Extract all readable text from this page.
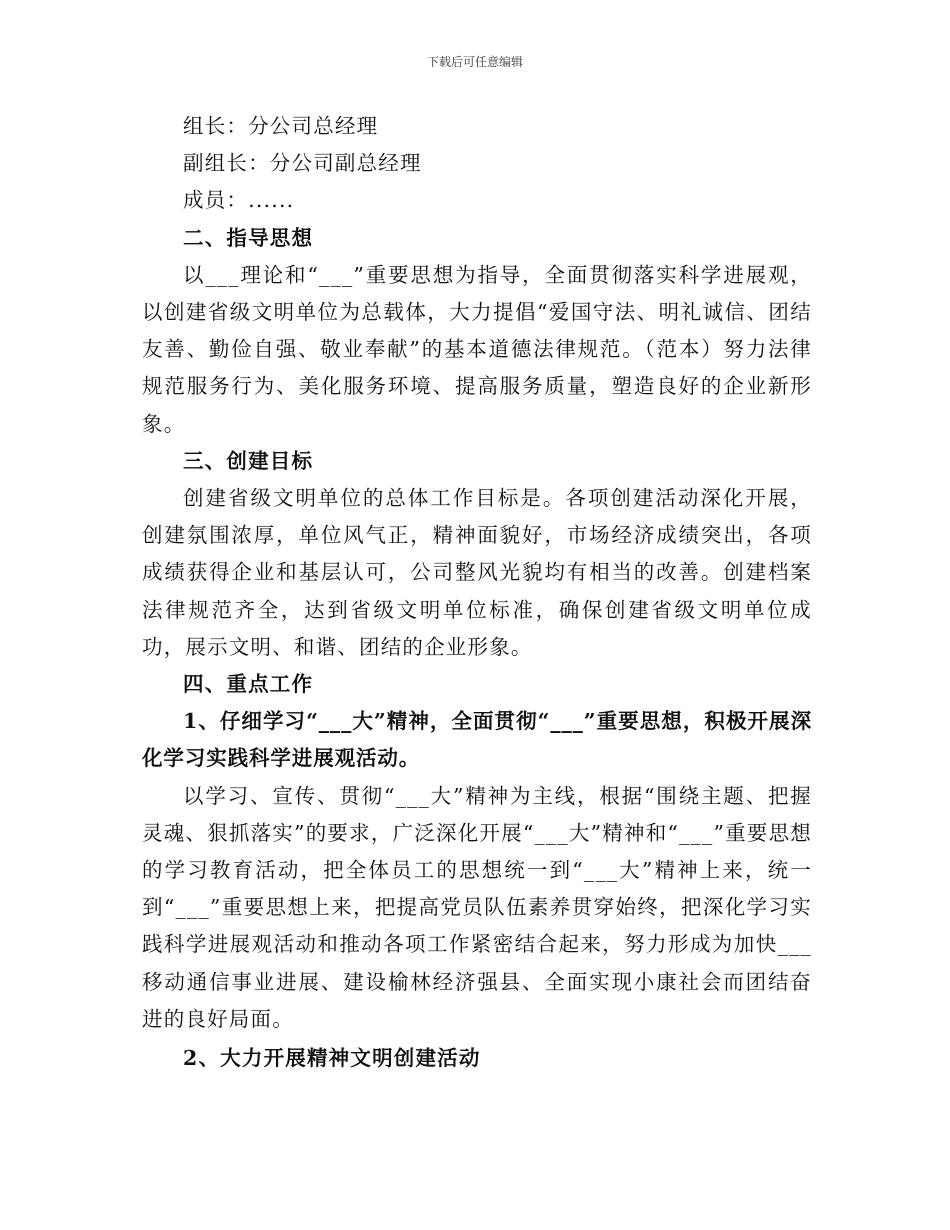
下载后可任意编辑

组长：分公司总经理

副组长：分公司副总经理

成员：......

二、指导思想

以___理论和“___”重要思想为指导，全面贯彻落实科学进展观，以创建省级文明单位为总载体，大力提倡“爱国守法、明礼诚信、团结友善、勤俭自强、敬业奉献”的基本道德法律规范。（范本）努力法律规范服务行为、美化服务环境、提高服务质量，塑造良好的企业新形象。

三、创建目标

创建省级文明单位的总体工作目标是。各项创建活动深化开展，创建氛围浓厚，单位风气正，精神面貌好，市场经济成绩突出，各项成绩获得企业和基层认可，公司整风光貌均有相当的改善。创建档案法律规范齐全，达到省级文明单位标准，确保创建省级文明单位成功，展示文明、和谐、团结的企业形象。

四、重点工作

1、仔细学习“___大”精神，全面贯彻“___”重要思想，积极开展深化学习实践科学进展观活动。

以学习、宣传、贯彻“___大”精神为主线，根据“围绕主题、把握灵魂、狠抓落实”的要求，广泛深化开展“___大”精神和“___”重要思想的学习教育活动，把全体员工的思想统一到“___大”精神上来，统一到“___”重要思想上来，把提高党员队伍素养贯穿始终，把深化学习实践科学进展观活动和推动各项工作紧密结合起来，努力形成为加快___移动通信事业进展、建设榆林经济强县、全面实现小康社会而团结奋进的良好局面。

2、大力开展精神文明创建活动
